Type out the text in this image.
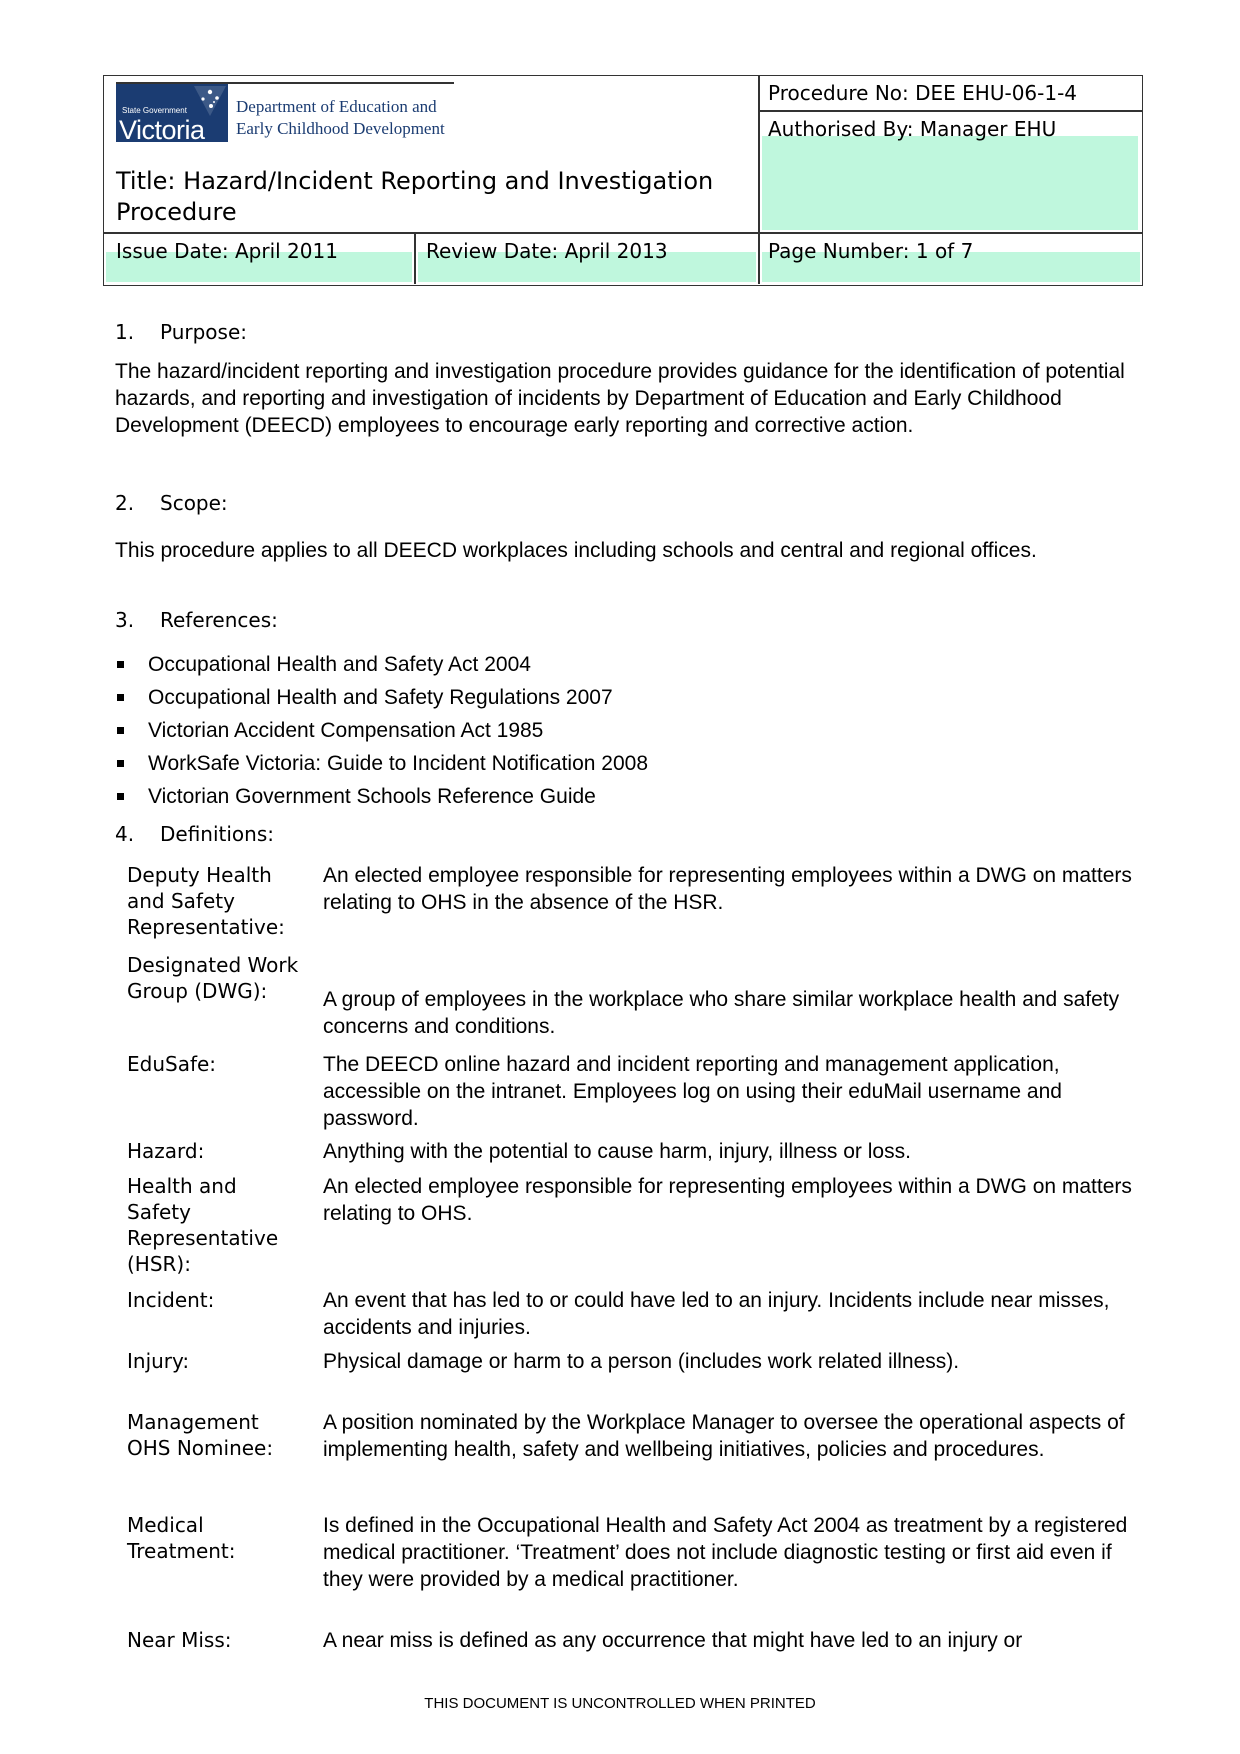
State Government
Victoria
Department of Education and
Early Childhood Development
Title: Hazard/Incident Reporting and Investigation Procedure
Procedure No: DEE EHU-06-1-4
Authorised By: Manager EHU
Issue Date: April 2011	Review Date: April 2013	Page Number: 1 of 7
1. Purpose:
The hazard/incident reporting and investigation procedure provides guidance for the identification of potential hazards, and reporting and investigation of incidents by Department of Education and Early Childhood Development (DEECD) employees to encourage early reporting and corrective action.
2. Scope:
This procedure applies to all DEECD workplaces including schools and central and regional offices.
3. References:
Occupational Health and Safety Act 2004
Occupational Health and Safety Regulations 2007
Victorian Accident Compensation Act 1985
WorkSafe Victoria: Guide to Incident Notification 2008
Victorian Government Schools Reference Guide
4. Definitions:
Deputy Health and Safety Representative:
An elected employee responsible for representing employees within a DWG on matters relating to OHS in the absence of the HSR.
Designated Work Group (DWG):	A group of employees in the workplace who share similar workplace health and safety concerns and conditions.
EduSafe:	The DEECD online hazard and incident reporting and management application, accessible on the intranet. Employees log on using their eduMail username and password.
Hazard:	Anything with the potential to cause harm, injury, illness or loss.
Health and Safety Representative (HSR):
An elected employee responsible for representing employees within a DWG on matters relating to OHS.
Incident:	An event that has led to or could have led to an injury. Incidents include near misses, accidents and injuries.
Injury:	Physical damage or harm to a person (includes work related illness).
Management OHS Nominee:
A position nominated by the Workplace Manager to oversee the operational aspects of implementing health, safety and wellbeing initiatives, policies and procedures.
Medical Treatment:
Is defined in the Occupational Health and Safety Act 2004 as treatment by a registered medical practitioner. ‘Treatment’ does not include diagnostic testing or first aid even if they were provided by a medical practitioner.
Near Miss:	A near miss is defined as any occurrence that might have led to an injury or
THIS DOCUMENT IS UNCONTROLLED WHEN PRINTED
